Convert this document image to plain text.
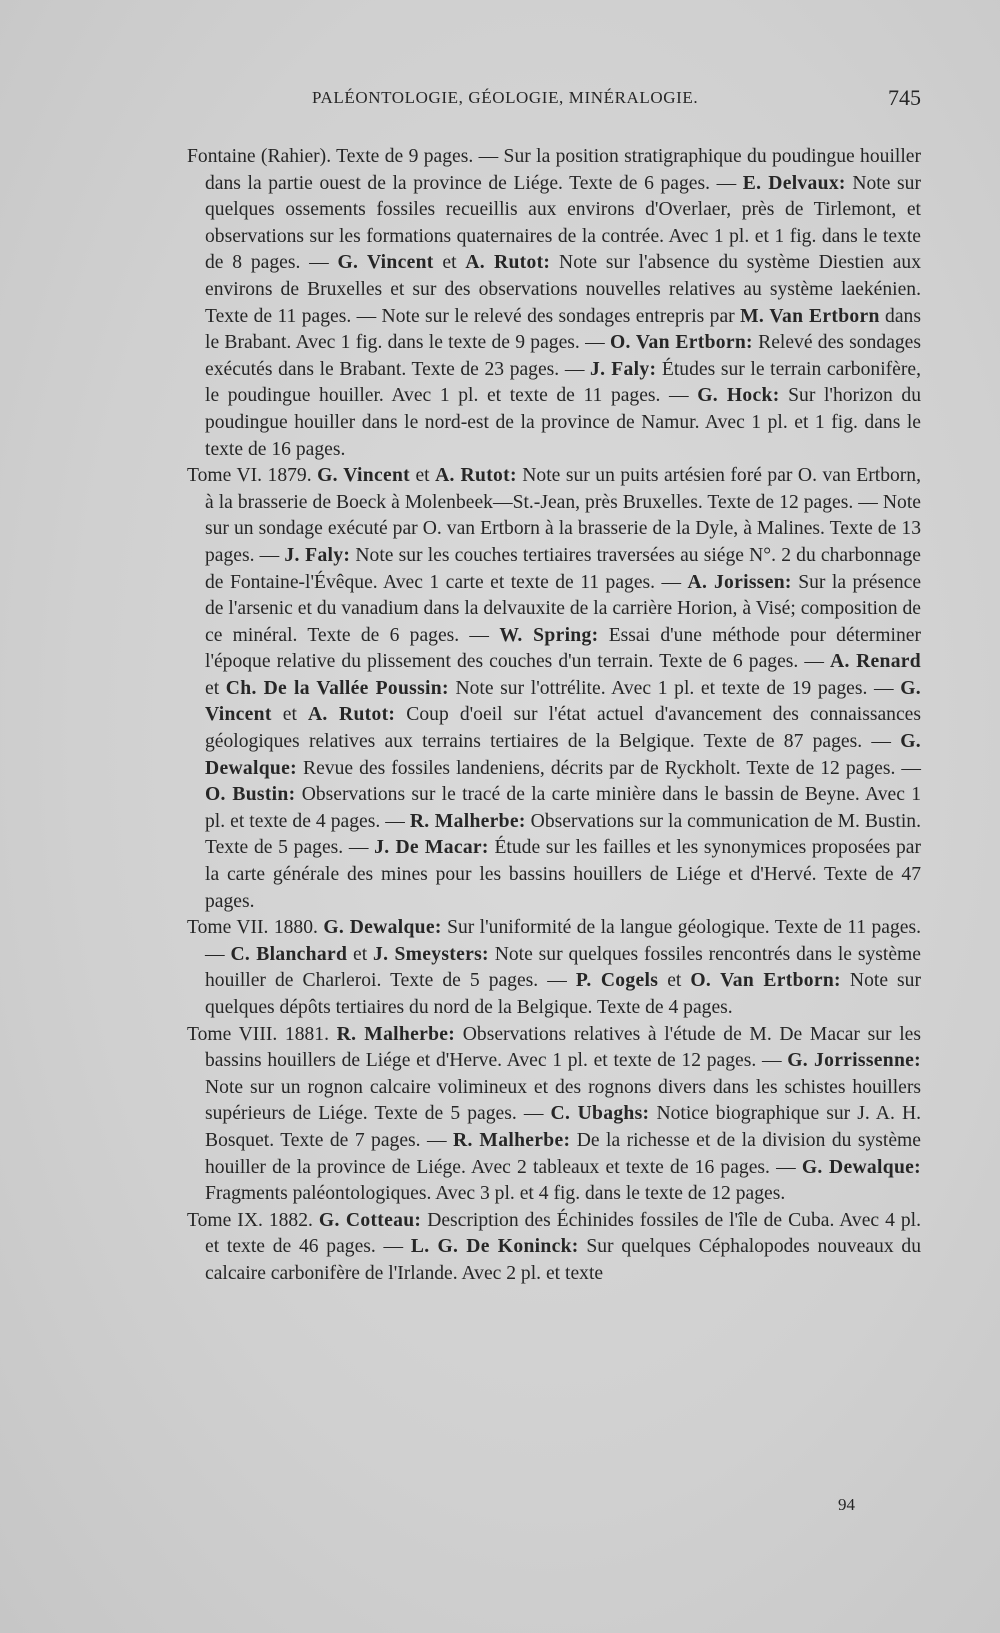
PALÉONTOLOGIE, GÉOLOGIE, MINÉRALOGIE.	745

Fontaine (Rahier). Texte de 9 pages. — Sur la position stratigraphique du poudingue houiller dans la partie ouest de la province de Liége. Texte de 6 pages. — E. Delvaux: Note sur quelques ossements fossiles recueillis aux environs d'Overlaer, près de Tirlemont, et observations sur les formations quaternaires de la contrée. Avec 1 pl. et 1 fig. dans le texte de 8 pages. — G. Vincent et A. Rutot: Note sur l'absence du système Diestien aux environs de Bruxelles et sur des observations nouvelles relatives au système laekénien. Texte de 11 pages. — Note sur le relevé des sondages entrepris par M. Van Ertborn dans le Brabant. Avec 1 fig. dans le texte de 9 pages. — O. Van Ertborn: Relevé des sondages exécutés dans le Brabant. Texte de 23 pages. — J. Faly: Études sur le terrain carbonifère, le poudingue houiller. Avec 1 pl. et texte de 11 pages. — G. Hock: Sur l'horizon du poudingue houiller dans le nord-est de la province de Namur. Avec 1 pl. et 1 fig. dans le texte de 16 pages.

Tome VI. 1879. G. Vincent et A. Rutot: Note sur un puits artésien foré par O. van Ertborn, à la brasserie de Boeck à Molenbeek—St.-Jean, près Bruxelles. Texte de 12 pages. — Note sur un sondage exécuté par O. van Ertborn à la brasserie de la Dyle, à Malines. Texte de 13 pages. — J. Faly: Note sur les couches tertiaires traversées au siége N°. 2 du charbonnage de Fontaine-l'Évêque. Avec 1 carte et texte de 11 pages. — A. Jorissen: Sur la présence de l'arsenic et du vanadium dans la delvauxite de la carrière Horion, à Visé; composition de ce minéral. Texte de 6 pages. — W. Spring: Essai d'une méthode pour déterminer l'époque relative du plissement des couches d'un terrain. Texte de 6 pages. — A. Renard et Ch. De la Vallée Poussin: Note sur l'ottrélite. Avec 1 pl. et texte de 19 pages. — G. Vincent et A. Rutot: Coup d'oeil sur l'état actuel d'avancement des connaissances géologiques relatives aux terrains tertiaires de la Belgique. Texte de 87 pages. — G. Dewalque: Revue des fossiles landeniens, décrits par de Ryckholt. Texte de 12 pages. — O. Bustin: Observations sur le tracé de la carte minière dans le bassin de Beyne. Avec 1 pl. et texte de 4 pages. — R. Malherbe: Observations sur la communication de M. Bustin. Texte de 5 pages. — J. De Macar: Étude sur les failles et les synonymices proposées par la carte générale des mines pour les bassins houillers de Liége et d'Hervé. Texte de 47 pages.

Tome VII. 1880. G. Dewalque: Sur l'uniformité de la langue géologique. Texte de 11 pages. — C. Blanchard et J. Smeysters: Note sur quelques fossiles rencontrés dans le système houiller de Charleroi. Texte de 5 pages. — P. Cogels et O. Van Ertborn: Note sur quelques dépôts tertiaires du nord de la Belgique. Texte de 4 pages.

Tome VIII. 1881. R. Malherbe: Observations relatives à l'étude de M. De Macar sur les bassins houillers de Liége et d'Herve. Avec 1 pl. et texte de 12 pages. — G. Jorrissenne: Note sur un rognon calcaire volimineux et des rognons divers dans les schistes houillers supérieurs de Liége. Texte de 5 pages. — C. Ubaghs: Notice biographique sur J. A. H. Bosquet. Texte de 7 pages. — R. Malherbe: De la richesse et de la division du système houiller de la province de Liége. Avec 2 tableaux et texte de 16 pages. — G. Dewalque: Fragments paléontologiques. Avec 3 pl. et 4 fig. dans le texte de 12 pages.

Tome IX. 1882. G. Cotteau: Description des Échinides fossiles de l'île de Cuba. Avec 4 pl. et texte de 46 pages. — L. G. De Koninck: Sur quelques Céphalopodes nouveaux du calcaire carbonifère de l'Irlande. Avec 2 pl. et texte

94
